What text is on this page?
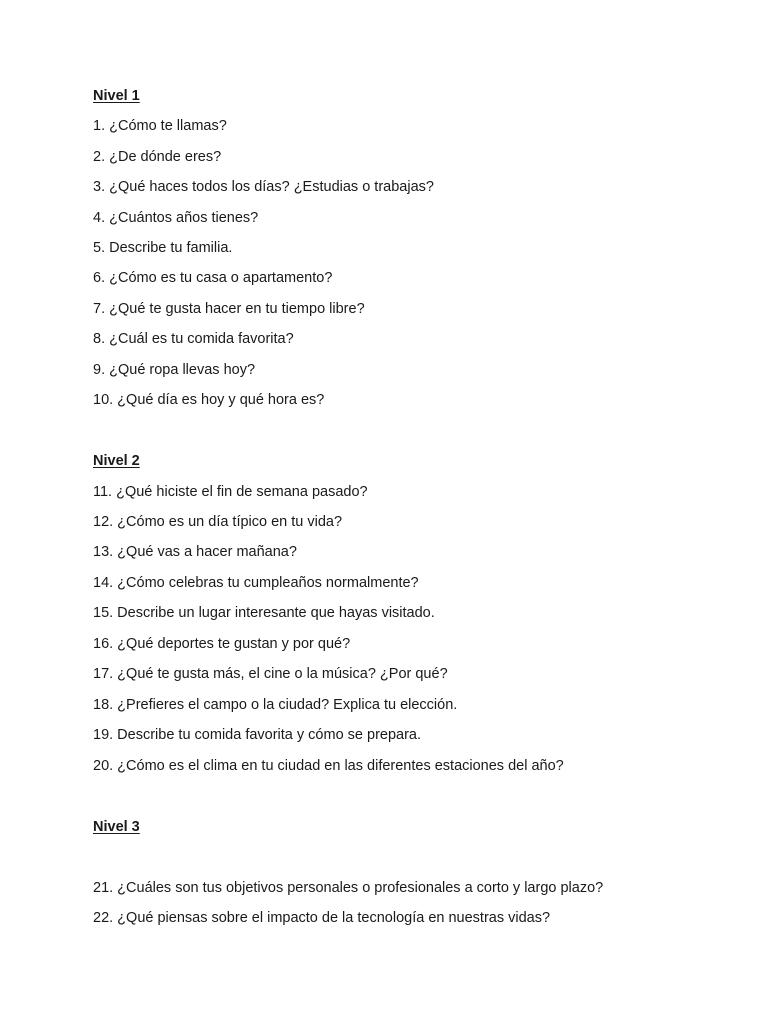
Nivel 1
1. ¿Cómo te llamas?
2. ¿De dónde eres?
3. ¿Qué haces todos los días? ¿Estudias o trabajas?
4. ¿Cuántos años tienes?
5. Describe tu familia.
6. ¿Cómo es tu casa o apartamento?
7. ¿Qué te gusta hacer en tu tiempo libre?
8. ¿Cuál es tu comida favorita?
9. ¿Qué ropa llevas hoy?
10. ¿Qué día es hoy y qué hora es?
Nivel 2
11. ¿Qué hiciste el fin de semana pasado?
12. ¿Cómo es un día típico en tu vida?
13. ¿Qué vas a hacer mañana?
14. ¿Cómo celebras tu cumpleaños normalmente?
15. Describe un lugar interesante que hayas visitado.
16. ¿Qué deportes te gustan y por qué?
17. ¿Qué te gusta más, el cine o la música? ¿Por qué?
18. ¿Prefieres el campo o la ciudad? Explica tu elección.
19. Describe tu comida favorita y cómo se prepara.
20. ¿Cómo es el clima en tu ciudad en las diferentes estaciones del año?
Nivel 3
21. ¿Cuáles son tus objetivos personales o profesionales a corto y largo plazo?
22. ¿Qué piensas sobre el impacto de la tecnología en nuestras vidas?
